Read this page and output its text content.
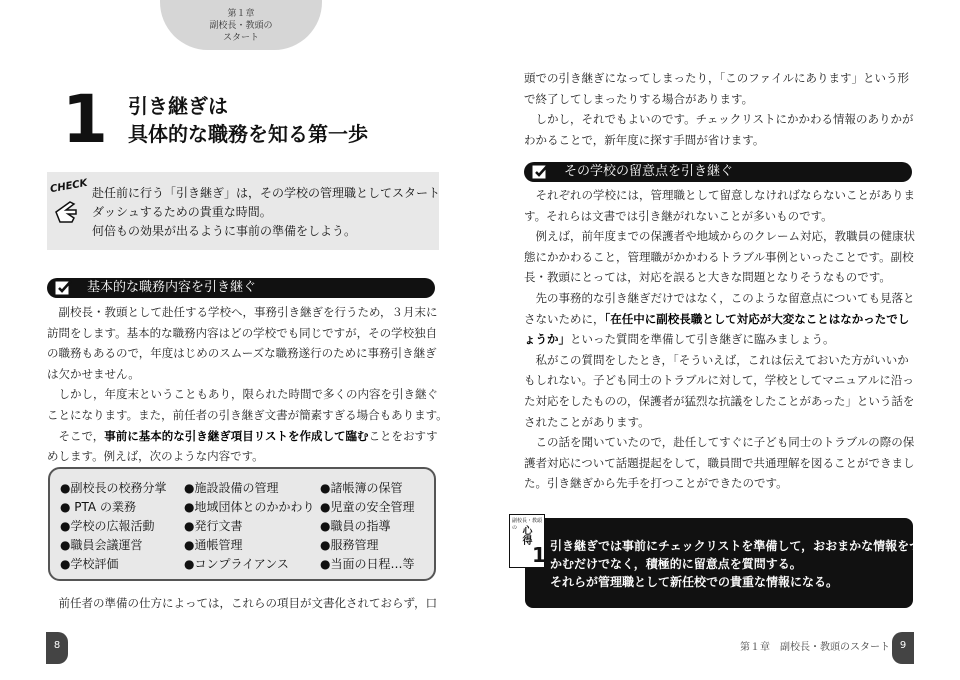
第１章
副校長・教頭の
スタート
1 引き継ぎは
具体的な職務を知る第一歩
CHECK 赴任前に行う「引き継ぎ」は，その学校の管理職としてスタート
ダッシュするための貴重な時間。
何倍もの効果が出るように事前の準備をしよう。
基本的な職務内容を引き継ぐ
　副校長・教頭として赴任する学校へ，事務引き継ぎを行うため，３月末に
訪問をします。基本的な職務内容はどの学校でも同じですが，その学校独自
の職務もあるので，年度はじめのスムーズな職務遂行のために事務引き継ぎ
は欠かせません。
　しかし，年度末ということもあり，限られた時間で多くの内容を引き継ぐ
ことになります。また，前任者の引き継ぎ文書が簡素すぎる場合もあります。
　そこで，事前に基本的な引き継ぎ項目リストを作成して臨むことをおすす
めします。例えば，次のような内容です。
●副校長の校務分掌 ●施設設備の管理	●諸帳簿の保管
● PTA の業務	●地域団体とのかかわり ●児童の安全管理
●学校の広報活動 ●発行文書	●職員の指導
●職員会議運営	●通帳管理	●服務管理
●学校評価	●コンプライアンス	●当面の日程…等
　前任者の準備の仕方によっては，これらの項目が文書化されておらず，口
頭での引き継ぎになってしまったり，「このファイルにあります」という形
で終了してしまったりする場合があります。
　しかし，それでもよいのです。チェックリストにかかわる情報のありかが
わかることで，新年度に探す手間が省けます。
その学校の留意点を引き継ぐ
　それぞれの学校には，管理職として留意しなければならないことがありま
す。それらは文書では引き継がれないことが多いものです。
　例えば，前年度までの保護者や地域からのクレーム対応，教職員の健康状
態にかかわること，管理職がかかわるトラブル事例といったことです。副校
長・教頭にとっては，対応を誤ると大きな問題となりそうなものです。
　先の事務的な引き継ぎだけではなく，このような留意点についても見落と
さないために，「在任中に副校長職として対応が大変なことはなかったでし
ょうか」といった質問を準備して引き継ぎに臨みましょう。
　私がこの質問をしたとき，「そういえば，これは伝えておいた方がいいか
もしれない。子ども同士のトラブルに対して，学校としてマニュアルに沿っ
た対応をしたものの，保護者が猛烈な抗議をしたことがあった」という話を
されたことがあります。
　この話を聞いていたので，赴任してすぐに子ども同士のトラブルの際の保
護者対応について話題提起をして，職員間で共通理解を図ることができまし
た。引き継ぎから先手を打つことができたのです。
副校長・教頭の 心得
1 引き継ぎでは事前にチェックリストを準備して，おおまかな情報をつ
かむだけでなく，積極的に留意点を質問する。
それらが管理職として新任校での貴重な情報になる。
8	第１章　副校長・教頭のスタート 9
